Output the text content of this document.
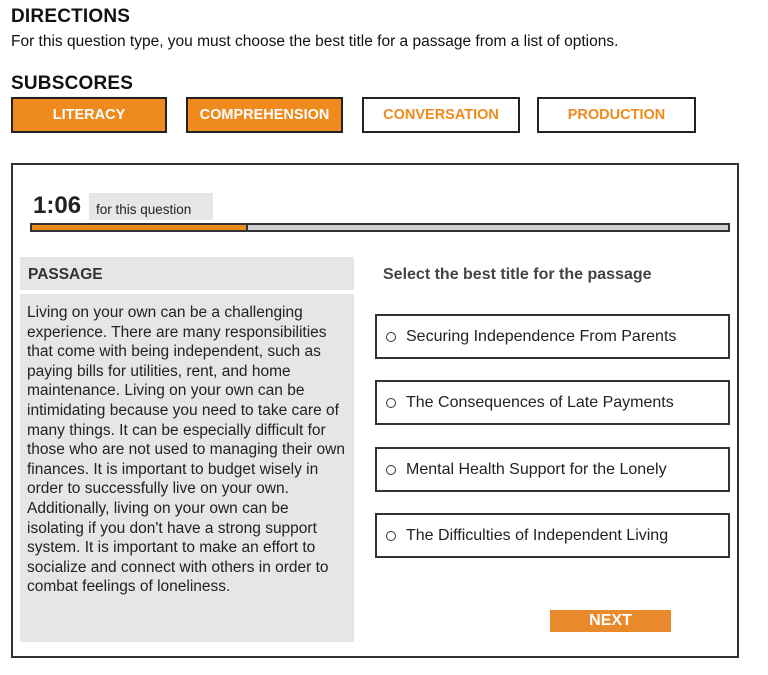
DIRECTIONS
For this question type, you must choose the best title for a passage from a list of options.
SUBSCORES
LITERACY	COMPREHENSION	CONVERSATION	PRODUCTION
1:06	for this question
PASSAGE
Living on your own can be a challenging experience. There are many responsibilities that come with being independent, such as paying bills for utilities, rent, and home maintenance. Living on your own can be intimidating because you need to take care of many things. It can be especially difficult for those who are not used to managing their own finances. It is important to budget wisely in order to successfully live on your own. Additionally, living on your own can be isolating if you don't have a strong support system. It is important to make an effort to socialize and connect with others in order to combat feelings of loneliness.
Select the best title for the passage
Securing Independence From Parents
The Consequences of Late Payments
Mental Health Support for the Lonely
The Difficulties of Independent Living
NEXT
